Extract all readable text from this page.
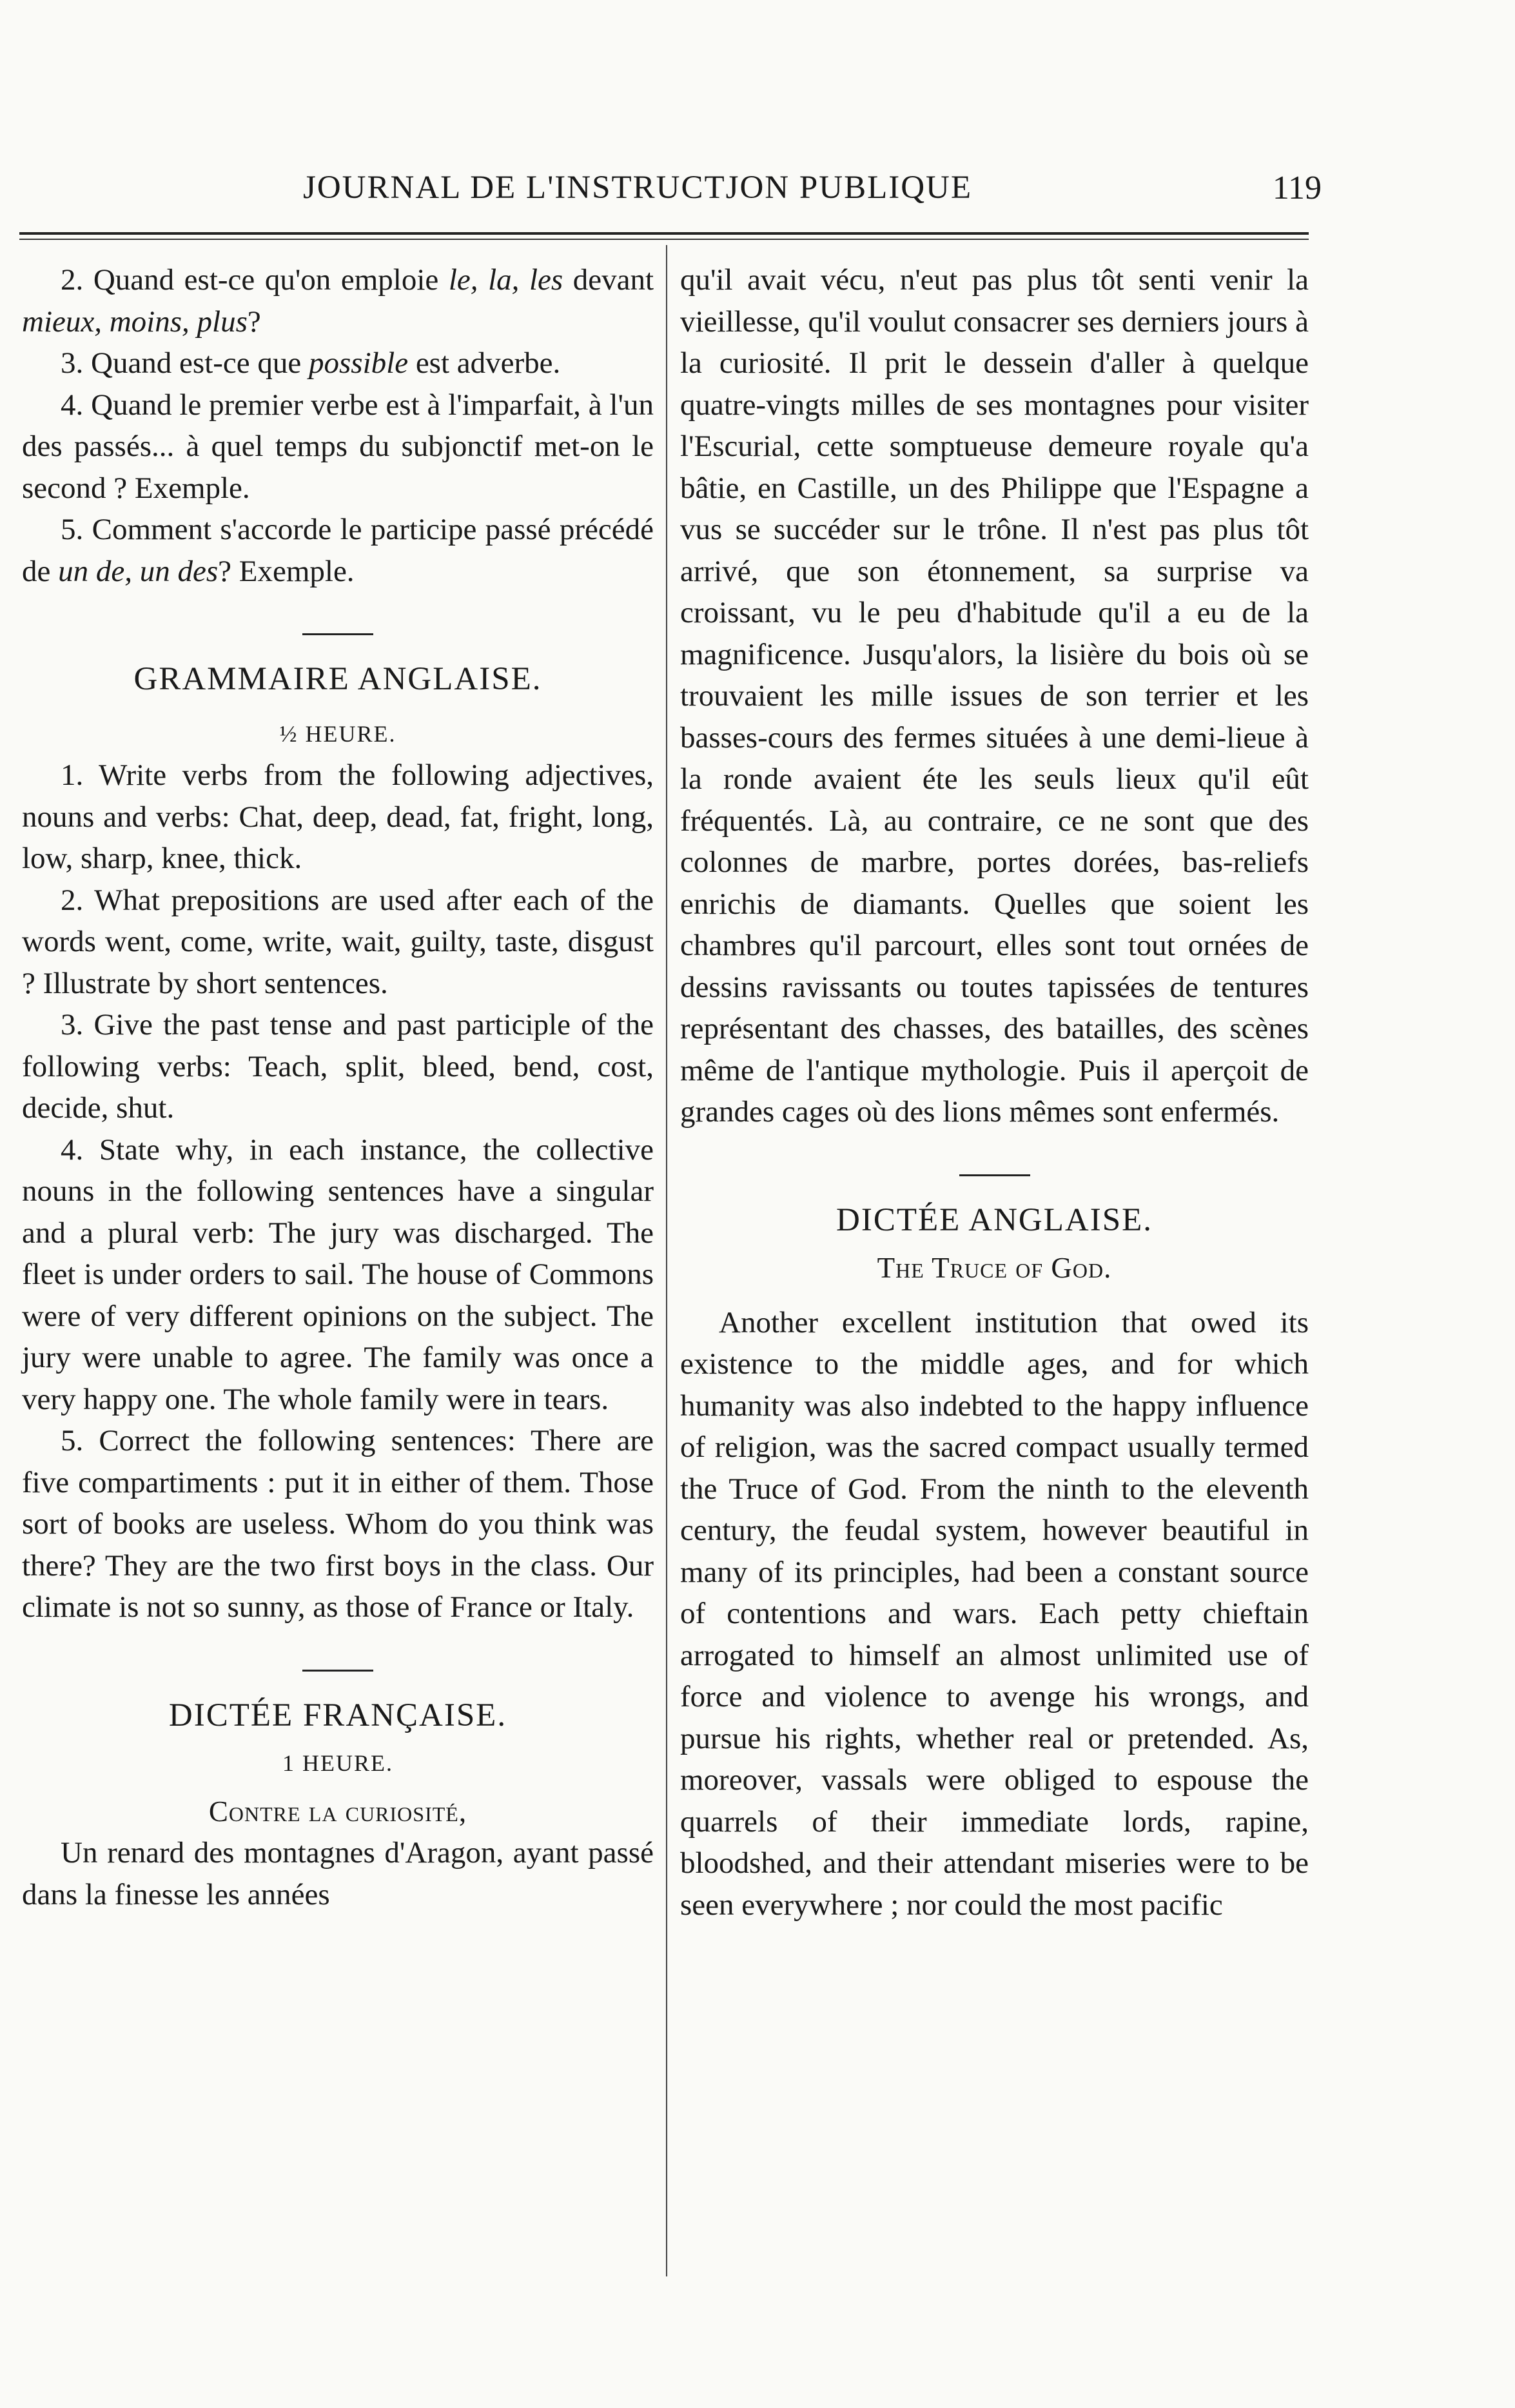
JOURNAL DE L'INSTRUCTJON PUBLIQUE	119

2. Quand est-ce qu'on emploie le, la, les devant mieux, moins, plus?

3. Quand est-ce que possible est adverbe.

4. Quand le premier verbe est à l'imparfait, à l'un des passés... à quel temps du subjonctif met-on le second ? Exemple.

5. Comment s'accorde le participe passé précédé de un de, un des? Exemple.

GRAMMAIRE ANGLAISE.

½ HEURE.

1. Write verbs from the following adjectives, nouns and verbs: Chat, deep, dead, fat, fright, long, low, sharp, knee, thick.

2. What prepositions are used after each of the words went, come, write, wait, guilty, taste, disgust ? Illustrate by short sentences.

3. Give the past tense and past participle of the following verbs: Teach, split, bleed, bend, cost, decide, shut.

4. State why, in each instance, the collective nouns in the following sentences have a singular and a plural verb: The jury was discharged. The fleet is under orders to sail. The house of Commons were of very different opinions on the subject. The jury were unable to agree. The family was once a very happy one. The whole family were in tears.

5. Correct the following sentences: There are five compartiments : put it in either of them. Those sort of books are useless. Whom do you think was there? They are the two first boys in the class. Our climate is not so sunny, as those of France or Italy.

DICTÉE FRANÇAISE.

1 HEURE.

Contre la curiosité,

Un renard des montagnes d'Aragon, ayant passé dans la finesse les années

qu'il avait vécu, n'eut pas plus tôt senti venir la vieillesse, qu'il voulut consacrer ses derniers jours à la curiosité. Il prit le dessein d'aller à quelque quatre-vingts milles de ses montagnes pour visiter l'Escurial, cette somptueuse demeure royale qu'a bâtie, en Castille, un des Philippe que l'Espagne a vus se succéder sur le trône. Il n'est pas plus tôt arrivé, que son étonnement, sa surprise va croissant, vu le peu d'habitude qu'il a eu de la magnificence. Jusqu'alors, la lisière du bois où se trouvaient les mille issues de son terrier et les basses-cours des fermes situées à une demi-lieue à la ronde avaient éte les seuls lieux qu'il eût fréquentés. Là, au contraire, ce ne sont que des colonnes de marbre, portes dorées, bas-reliefs enrichis de diamants. Quelles que soient les chambres qu'il parcourt, elles sont tout ornées de dessins ravissants ou toutes tapissées de tentures représentant des chasses, des batailles, des scènes même de l'antique mythologie. Puis il aperçoit de grandes cages où des lions mêmes sont enfermés.

DICTÉE ANGLAISE.

The Truce of God.

Another excellent institution that owed its existence to the middle ages, and for which humanity was also indebted to the happy influence of religion, was the sacred compact usually termed the Truce of God. From the ninth to the eleventh century, the feudal system, however beautiful in many of its principles, had been a constant source of contentions and wars. Each petty chieftain arrogated to himself an almost unlimited use of force and violence to avenge his wrongs, and pursue his rights, whether real or pretended. As, moreover, vassals were obliged to espouse the quarrels of their immediate lords, rapine, bloodshed, and their attendant miseries were to be seen everywhere ; nor could the most pacific
